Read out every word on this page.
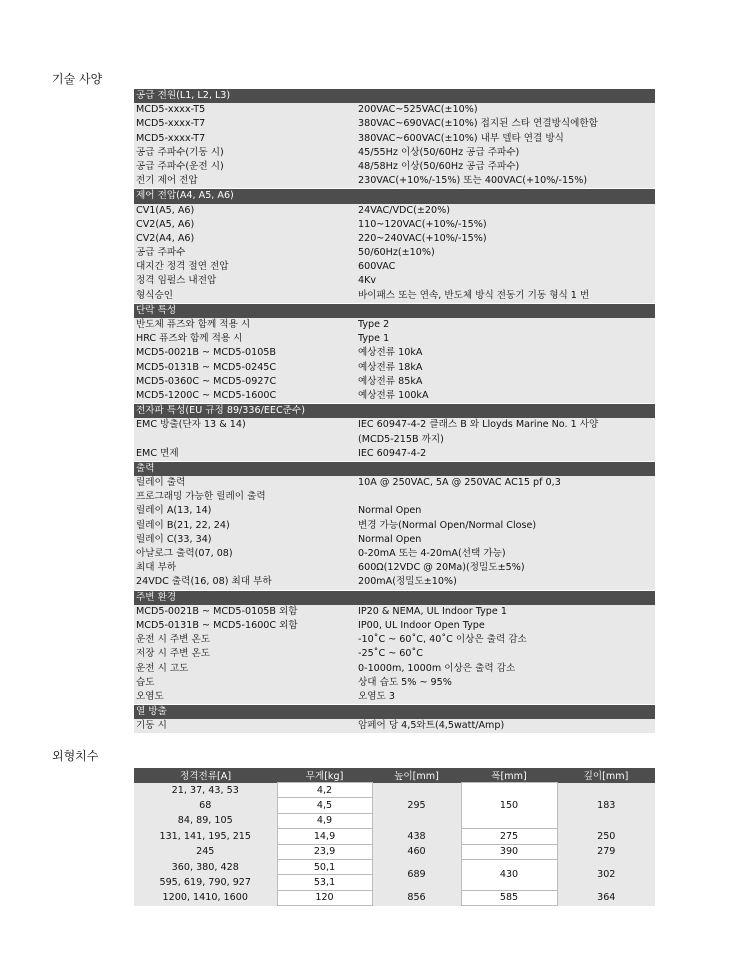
기술 사양
공급 전원(L1, L2, L3)	
MCD5-xxxx-T5	200VAC~525VAC(±10%)
MCD5-xxxx-T7	380VAC~690VAC(±10%) 접지된 스타 연결방식에한함
MCD5-xxxx-T7	380VAC~600VAC(±10%) 내부 델타 연결 방식
공급 주파수(기동 시)	45/55Hz 이상(50/60Hz 공급 주파수)
공급 주파수(운전 시)	48/58Hz 이상(50/60Hz 공급 주파수)
전기 제어 전압	230VAC(+10%/-15%) 또는 400VAC(+10%/-15%)
제어 전압(A4, A5, A6)	
CV1(A5, A6)	24VAC/VDC(±20%)
CV2(A5, A6)	110~120VAC(+10%/-15%)
CV2(A4, A6)	220~240VAC(+10%/-15%)
공급 주파수	50/60Hz(±10%)
대지간 정격 절연 전압	600VAC
정격 임펄스 내전압	4Kv
형식승인	바이패스 또는 연속, 반도체 방식 전동기 기동 형식 1 번
단락 특성	
반도체 퓨즈와 함께 적용 시	Type 2
HRC 퓨즈와 함께 적용 시	Type 1
MCD5-0021B ~ MCD5-0105B	예상전류 10kA
MCD5-0131B ~ MCD5-0245C	예상전류 18kA
MCD5-0360C ~ MCD5-0927C	예상전류 85kA
MCD5-1200C ~ MCD5-1600C	예상전류 100kA
전자파 특성(EU 규정 89/336/EEC준수)	
EMC 방출(단자 13 & 14)	IEC 60947-4-2 클래스 B 와 Lloyds Marine No. 1 사양
	(MCD5-215B 까지)
EMC 면제	IEC 60947-4-2
출력	
릴레이 출력	10A @ 250VAC, 5A @ 250VAC AC15 pf 0,3
프로그래밍 가능한 릴레이 출력	
릴레이 A(13, 14)	Normal Open
릴레이 B(21, 22, 24)	변경 가능(Normal Open/Normal Close)
릴레이 C(33, 34)	Normal Open
아날로그 출력(07, 08)	0-20mA 또는 4-20mA(선택 가능)
최대 부하	600Ω(12VDC @ 20Ma)(정밀도±5%)
24VDC 출력(16, 08) 최대 부하	200mA(정밀도±10%)
주변 환경	
MCD5-0021B ~ MCD5-0105B 외함	IP20 & NEMA, UL Indoor Type 1
MCD5-0131B ~ MCD5-1600C 외함	IP00, UL Indoor Open Type
운전 시 주변 온도	-10˚C ~ 60˚C, 40˚C 이상은 출력 감소
저장 시 주변 온도	-25˚C ~ 60˚C
운전 시 고도	0-1000m, 1000m 이상은 출력 감소
습도	상대 습도 5% ~ 95%
오염도	오염도 3
열 방출	
기동 시	암페어 당 4,5와트(4,5watt/Amp)
외형치수
정격전류[A]	무게[kg]	높이[mm]	폭[mm]	깊이[mm]
21, 37, 43, 53	4,2	295	150	183
68	4,5			
84, 89, 105	4,9			
131, 141, 195, 215	14,9	438	275	250
245	23,9	460	390	279
360, 380, 428	50,1	689	430	302
595, 619, 790, 927	53,1			
1200, 1410, 1600	120	856	585	364
